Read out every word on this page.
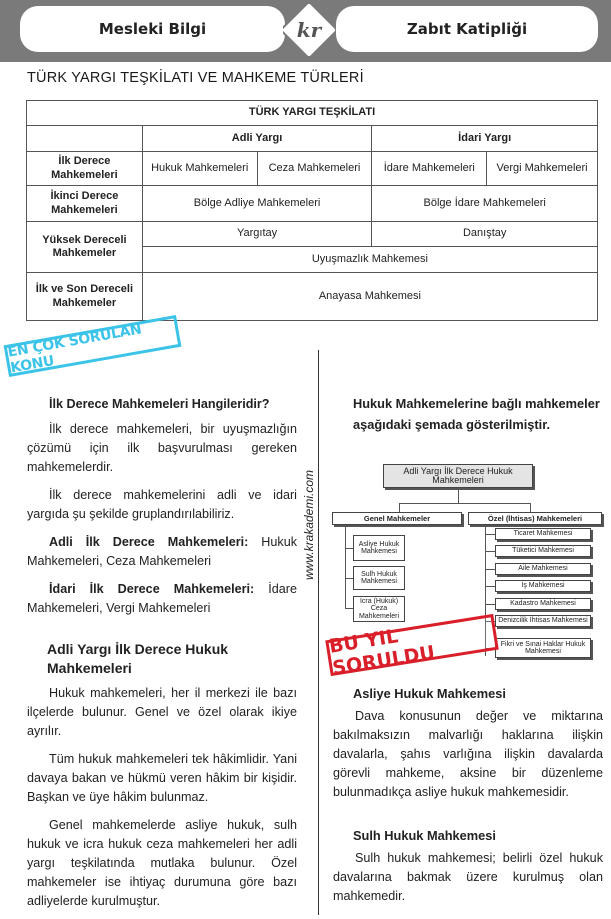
Mesleki Bilgi	Zabıt Katipliği
kr
TÜRK YARGI TEŞKİLATI VE MAHKEME TÜRLERİ
TÜRK YARGI TEŞKİLATI				
	Adli Yargı		İdari Yargı	
İlk Derece Mahkemeleri	Hukuk Mahkemeleri	Ceza Mahkemeleri	İdare Mahkemeleri	Vergi Mahkemeleri
İkinci Derece Mahkemeleri	Bölge Adliye Mahkemeleri		Bölge İdare Mahkemeleri	
Yüksek Dereceli Mahkemeler	Yargıtay		Danıştay	
	Uyuşmazlık Mahkemesi			
İlk ve Son Dereceli Mahkemeler	Anayasa Mahkemesi			
EN ÇOK SORULAN KONU

İlk Derece Mahkemeleri Hangileridir?

İlk derece mahkemeleri, bir uyuşmazlığın çözümü için ilk başvurulması gereken mahkemelerdir.

İlk derece mahkemelerini adli ve idari yargıda şu şekilde gruplandırılabiliriz.

Adli İlk Derece Mahkemeleri: Hukuk Mahkemeleri, Ceza Mahkemeleri

İdari İlk Derece Mahkemeleri: İdare Mahkemeleri, Vergi Mahkemeleri

Adli Yargı İlk Derece Hukuk Mahkemeleri

Hukuk mahkemeleri, her il merkezi ile bazı ilçelerde bulunur. Genel ve özel olarak ikiye ayrılır.

Tüm hukuk mahkemeleri tek hâkimlidir. Yani davaya bakan ve hükmü veren hâkim bir kişidir. Başkan ve üye hâkim bulunmaz.

Genel mahkemelerde asliye hukuk, sulh hukuk ve icra hukuk ceza mahkemeleri her adli yargı teşkilatında mutlaka bulunur. Özel mahkemeler ise ihtiyaç durumuna göre bazı adliyelerde kurulmuştur.

www.krakademi.com
Hukuk Mahkemelerine bağlı mahkemeler aşağıdaki şemada gösterilmiştir.
Adli Yargı İlk Derece Hukuk Mahkemeleri
Genel Mahkemeler	Özel (İhtisas) Mahkemeleri
Asliye Hukuk Mahkemesi
Sulh Hukuk Mahkemesi
İcra (Hukuk) Ceza Mahkemeleri
Ticaret Mahkemesi
Tüketici Mahkemesi
Aile Mahkemesi
İş Mahkemesi
Kadastro Mahkemesi
Denizcilik İhtisas Mahkemesi
Fikri ve Sınai Haklar Hukuk Mahkemesi
BU YIL SORULDU
Asliye Hukuk Mahkemesi

Dava konusunun değer ve miktarına bakılmaksızın malvarlığı haklarına ilişkin davalarla, şahıs varlığına ilişkin davalarda görevli mahkeme, aksine bir düzenleme bulunmadıkça asliye hukuk mahkemesidir.

Sulh Hukuk Mahkemesi

Sulh hukuk mahkemesi; belirli özel hukuk davalarına bakmak üzere kurulmuş olan mahkemedir.
